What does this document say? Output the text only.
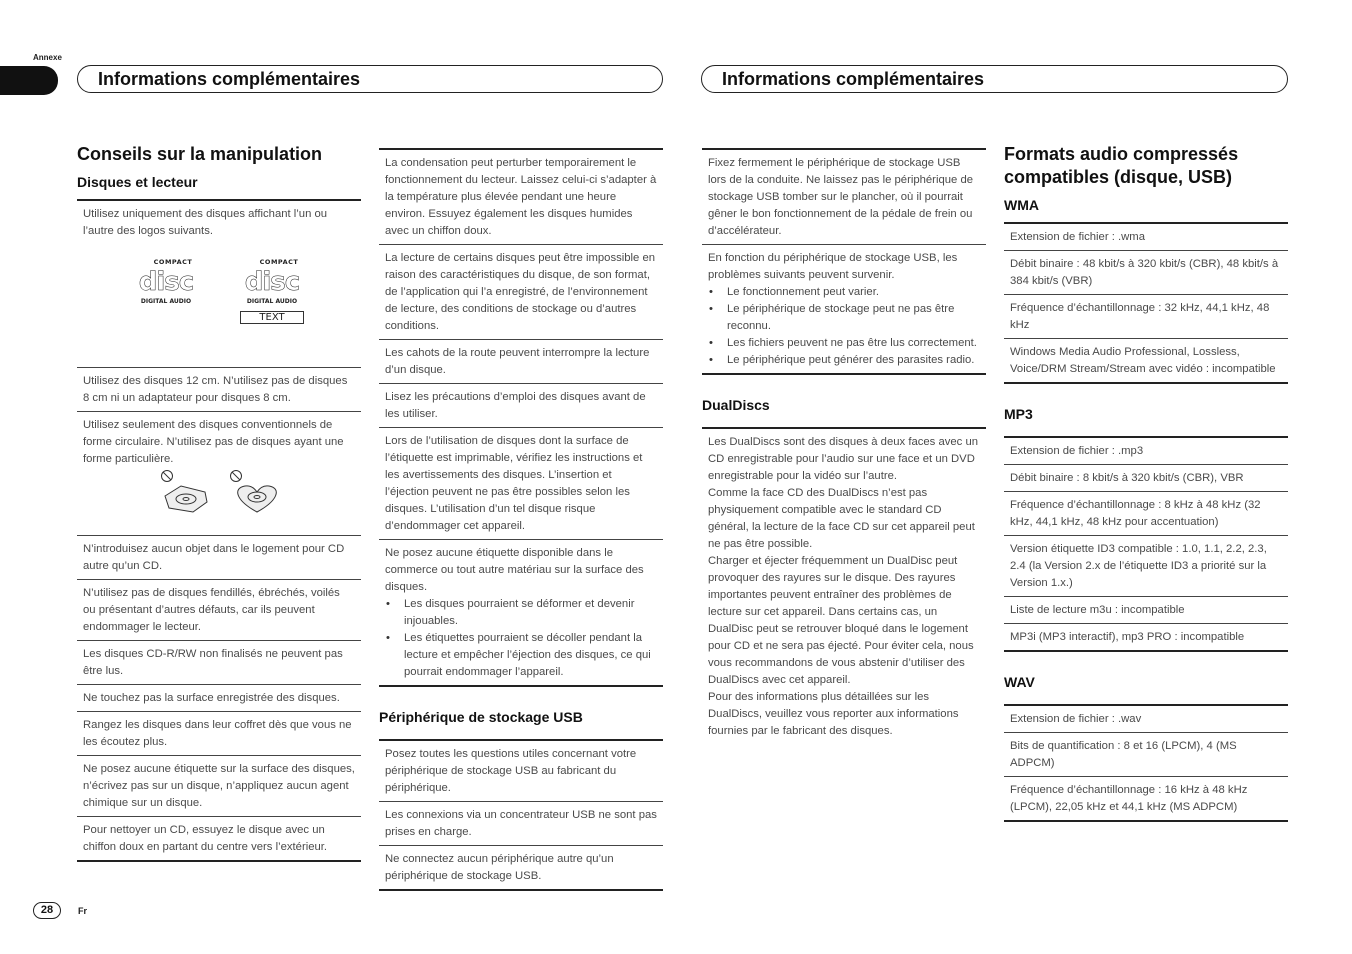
Annexe
Informations complémentaires	Informations complémentaires
Conseils sur la manipulation
Disques et lecteur
Utilisez uniquement des disques affichant l’un ou l’autre des logos suivants.
COMPACT
disc
DIGITAL AUDIO
COMPACT
disc
DIGITAL AUDIO
TEXT
Utilisez des disques 12 cm. N’utilisez pas de disques 8 cm ni un adaptateur pour disques 8 cm.
Utilisez seulement des disques conventionnels de forme circulaire. N’utilisez pas de disques ayant une forme particulière.
N’introduisez aucun objet dans le logement pour CD autre qu’un CD.
N’utilisez pas de disques fendillés, ébréchés, voilés ou présentant d’autres défauts, car ils peuvent endommager le lecteur.
Les disques CD-R/RW non finalisés ne peuvent pas être lus.
Ne touchez pas la surface enregistrée des disques.
Rangez les disques dans leur coffret dès que vous ne les écoutez plus.
Ne posez aucune étiquette sur la surface des disques, n’écrivez pas sur un disque, n’appliquez aucun agent chimique sur un disque.
Pour nettoyer un CD, essuyez le disque avec un chiffon doux en partant du centre vers l’extérieur.
La condensation peut perturber temporairement le fonctionnement du lecteur. Laissez celui-ci s’adapter à la température plus élevée pendant une heure environ. Essuyez également les disques humides avec un chiffon doux.
La lecture de certains disques peut être impossible en raison des caractéristiques du disque, de son format, de l’application qui l’a enregistré, de l’environnement de lecture, des conditions de stockage ou d’autres conditions.
Les cahots de la route peuvent interrompre la lecture d’un disque.
Lisez les précautions d’emploi des disques avant de les utiliser.
Lors de l’utilisation de disques dont la surface de l’étiquette est imprimable, vérifiez les instructions et les avertissements des disques. L’insertion et l’éjection peuvent ne pas être possibles selon les disques. L’utilisation d’un tel disque risque d’endommager cet appareil.
Ne posez aucune étiquette disponible dans le commerce ou tout autre matériau sur la surface des disques.
• Les disques pourraient se déformer et devenir injouables.
• Les étiquettes pourraient se décoller pendant la lecture et empêcher l’éjection des disques, ce qui pourrait endommager l’appareil.
Périphérique de stockage USB
Posez toutes les questions utiles concernant votre périphérique de stockage USB au fabricant du périphérique.
Les connexions via un concentrateur USB ne sont pas prises en charge.
Ne connectez aucun périphérique autre qu’un périphérique de stockage USB.
Fixez fermement le périphérique de stockage USB lors de la conduite. Ne laissez pas le périphérique de stockage USB tomber sur le plancher, où il pourrait gêner le bon fonctionnement de la pédale de frein ou d’accélérateur.
En fonction du périphérique de stockage USB, les problèmes suivants peuvent survenir.
• Le fonctionnement peut varier.
• Le périphérique de stockage peut ne pas être reconnu.
• Les fichiers peuvent ne pas être lus correctement.
• Le périphérique peut générer des parasites radio.
DualDiscs
Les DualDiscs sont des disques à deux faces avec un CD enregistrable pour l’audio sur une face et un DVD enregistrable pour la vidéo sur l’autre.
Comme la face CD des DualDiscs n’est pas physiquement compatible avec le standard CD général, la lecture de la face CD sur cet appareil peut ne pas être possible.
Charger et éjecter fréquemment un DualDisc peut provoquer des rayures sur le disque. Des rayures importantes peuvent entraîner des problèmes de lecture sur cet appareil. Dans certains cas, un DualDisc peut se retrouver bloqué dans le logement pour CD et ne sera pas éjecté. Pour éviter cela, nous vous recommandons de vous abstenir d’utiliser des DualDiscs avec cet appareil.
Pour des informations plus détaillées sur les DualDiscs, veuillez vous reporter aux informations fournies par le fabricant des disques.
Formats audio compressés compatibles (disque, USB)
WMA
Extension de fichier : .wma
Débit binaire : 48 kbit/s à 320 kbit/s (CBR), 48 kbit/s à 384 kbit/s (VBR)
Fréquence d’échantillonnage : 32 kHz, 44,1 kHz, 48 kHz
Windows Media Audio Professional, Lossless, Voice/DRM Stream/Stream avec vidéo : incompatible
MP3
Extension de fichier : .mp3
Débit binaire : 8 kbit/s à 320 kbit/s (CBR), VBR
Fréquence d’échantillonnage : 8 kHz à 48 kHz (32 kHz, 44,1 kHz, 48 kHz pour accentuation)
Version étiquette ID3 compatible : 1.0, 1.1, 2.2, 2.3, 2.4 (la Version 2.x de l’étiquette ID3 a priorité sur la Version 1.x.)
Liste de lecture m3u : incompatible
MP3i (MP3 interactif), mp3 PRO : incompatible
WAV
Extension de fichier : .wav
Bits de quantification : 8 et 16 (LPCM), 4 (MS ADPCM)
Fréquence d’échantillonnage : 16 kHz à 48 kHz (LPCM), 22,05 kHz et 44,1 kHz (MS ADPCM)
28	Fr
